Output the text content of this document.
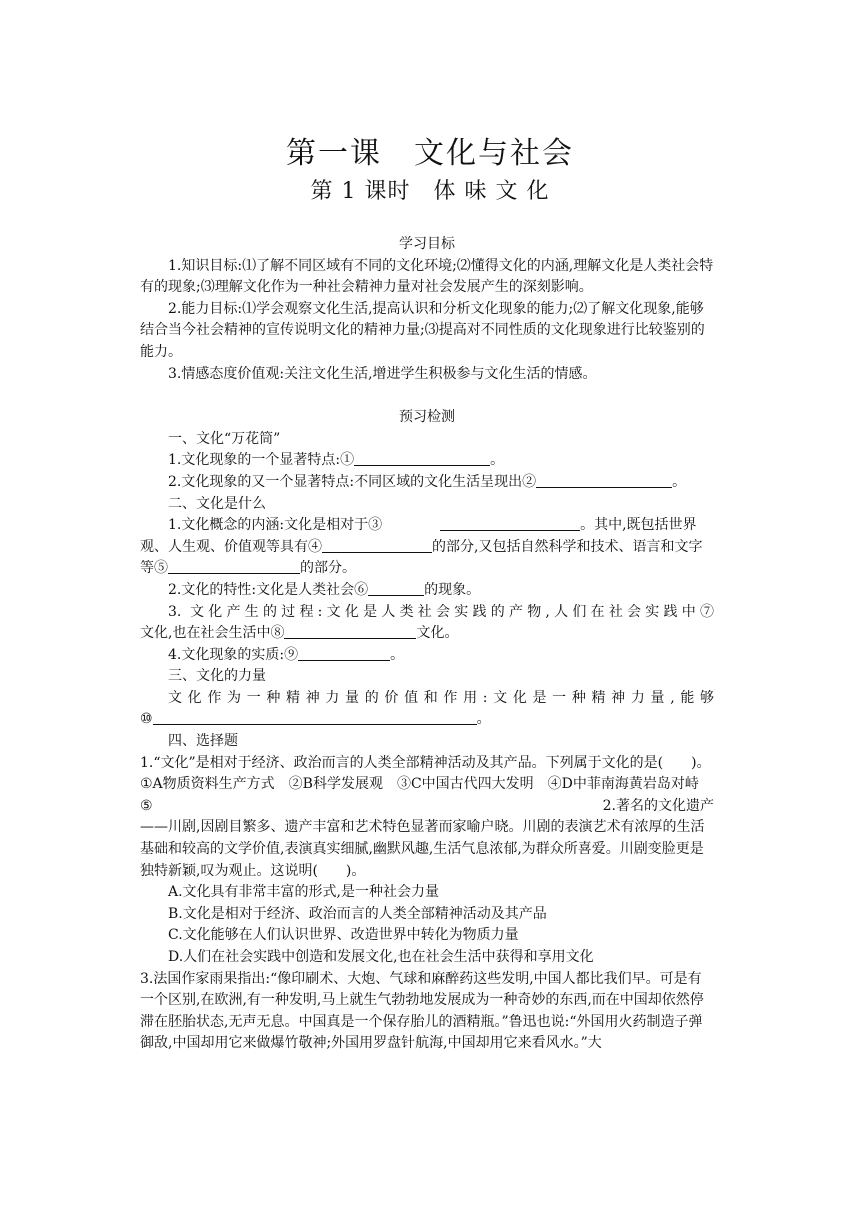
第一课　文化与社会
第 1 课时　体 味 文 化

学习目标

1.知识目标:⑴了解不同区域有不同的文化环境;⑵懂得文化的内涵,理解文化是人类社会特有的现象;⑶理解文化作为一种社会精神力量对社会发展产生的深刻影响。

2.能力目标:⑴学会观察文化生活,提高认识和分析文化现象的能力;⑵了解文化现象,能够结合当今社会精神的宣传说明文化的精神力量;⑶提高对不同性质的文化现象进行比较鉴别的能力。

3.情感态度价值观:关注文化生活,增进学生积极参与文化生活的情感。

预习检测

一、文化“万花筒”

1.文化现象的一个显著特点:①	。

2.文化现象的又一个显著特点:不同区域的文化生活呈现出②	。

二、文化是什么

1.文化概念的内涵:文化是相对于③	。其中,既包括世界观、人生观、价值观等具有④	的部分,又包括自然科学和技术、语言和文字等⑤	的部分。

2.文化的特性:文化是人类社会⑥	的现象。

3. 文化产生的过程:文化是人类社会实践的产物,人们在社会实践中⑦

文化,也在社会生活中⑧	文化。

4.文化现象的实质:⑨	。

三、文化的力量

文化作为一种精神力量的价值和作用:文化是一种精神力量,能够

⑩	。

四、选择题

1.“文化”是相对于经济、政治而言的人类全部精神活动及其产品。下列属于文化的是(　　)。

①A物质资料生产方式　②B科学发展观　③C中国古代四大发明　④D中菲南海黄岩岛对峙

⑤	2.著名的文化遗产

——川剧,因剧目繁多、遗产丰富和艺术特色显著而家喻户晓。川剧的表演艺术有浓厚的生活基础和较高的文学价值,表演真实细腻,幽默风趣,生活气息浓郁,为群众所喜爱。川剧变脸更是独特新颖,叹为观止。这说明(　　)。

A.文化具有非常丰富的形式,是一种社会力量

B.文化是相对于经济、政治而言的人类全部精神活动及其产品

C.文化能够在人们认识世界、改造世界中转化为物质力量

D.人们在社会实践中创造和发展文化,也在社会生活中获得和享用文化

3.法国作家雨果指出:“像印刷术、大炮、气球和麻醉药这些发明,中国人都比我们早。可是有一个区别,在欧洲,有一种发明,马上就生气勃勃地发展成为一种奇妙的东西,而在中国却依然停滞在胚胎状态,无声无息。中国真是一个保存胎儿的酒精瓶。”鲁迅也说:“外国用火药制造子弹御敌,中国却用它来做爆竹敬神;外国用罗盘针航海,中国却用它来看风水。”大
